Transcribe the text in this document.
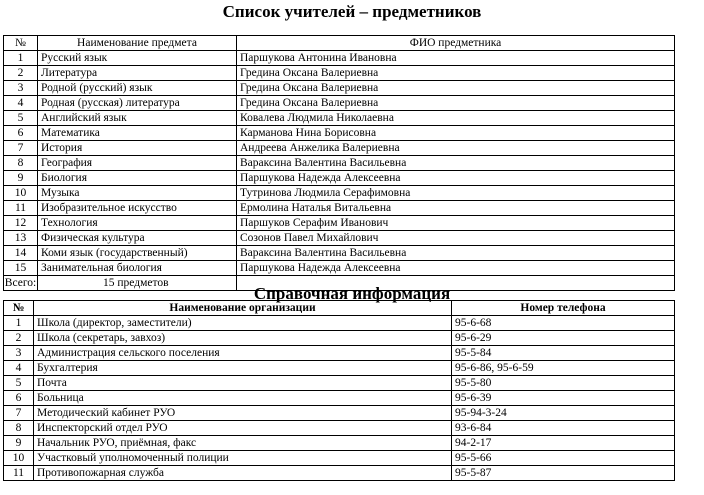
Список учителей – предметников
№	Наименование предмета	ФИО предметника
1	Русский язык	Паршукова Антонина Ивановна
2	Литература	Гредина Оксана Валериевна
3	Родной (русский) язык	Гредина Оксана Валериевна
4	Родная (русская) литература	Гредина Оксана Валериевна
5	Английский язык	Ковалева Людмила Николаевна
6	Математика	Карманова Нина Борисовна
7	История	Андреева Анжелика Валериевна
8	География	Вараксина Валентина Васильевна
9	Биология	Паршукова Надежда Алексеевна
10	Музыка	Тутринова Людмила Серафимовна
11	Изобразительное искусство	Ермолина Наталья Витальевна
12	Технология	Паршуков Серафим Иванович
13	Физическая культура	Созонов Павел Михайлович
14	Коми язык (государственный)	Вараксина Валентина Васильевна
15	Занимательная биология	Паршукова Надежда Алексеевна
Всего:	15 предметов	
Справочная информация
№	Наименование организации	Номер телефона
1	Школа (директор, заместители)	95-6-68
2	Школа (секретарь, завхоз)	95-6-29
3	Администрация сельского поселения	95-5-84
4	Бухгалтерия	95-6-86, 95-6-59
5	Почта	95-5-80
6	Больница	95-6-39
7	Методический кабинет РУО	95-94-3-24
8	Инспекторский отдел РУО	93-6-84
9	Начальник РУО, приёмная, факс	94-2-17
10	Участковый уполномоченный полиции	95-5-66
11	Противопожарная служба	95-5-87
